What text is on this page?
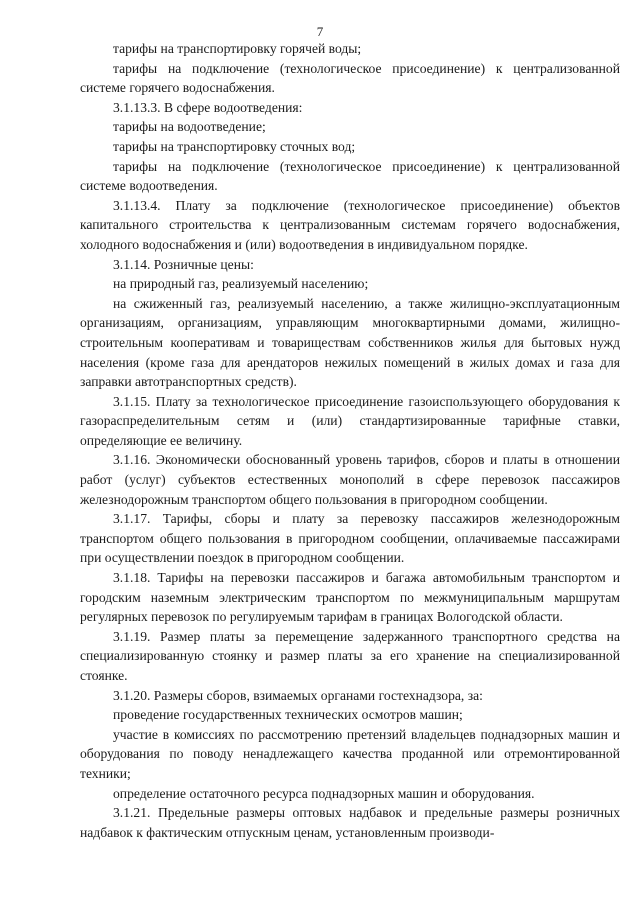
7

тарифы на транспортировку горячей воды;

тарифы на подключение (технологическое присоединение) к централизованной системе горячего водоснабжения.

3.1.13.3. В сфере водоотведения:

тарифы на водоотведение;

тарифы на транспортировку сточных вод;

тарифы на подключение (технологическое присоединение) к централизованной системе водоотведения.

3.1.13.4. Плату за подключение (технологическое присоединение) объектов капитального строительства к централизованным системам горячего водоснабжения, холодного водоснабжения и (или) водоотведения в индивидуальном порядке.

3.1.14. Розничные цены:

на природный газ, реализуемый населению;

на сжиженный газ, реализуемый населению, а также жилищно-эксплуатационным организациям, организациям, управляющим многоквартирными домами, жилищно-строительным кооперативам и товариществам собственников жилья для бытовых нужд населения (кроме газа для арендаторов нежилых помещений в жилых домах и газа для заправки автотранспортных средств).

3.1.15. Плату за технологическое присоединение газоиспользующего оборудования к газораспределительным сетям и (или) стандартизированные тарифные ставки, определяющие ее величину.

3.1.16. Экономически обоснованный уровень тарифов, сборов и платы в отношении работ (услуг) субъектов естественных монополий в сфере перевозок пассажиров железнодорожным транспортом общего пользования в пригородном сообщении.

3.1.17. Тарифы, сборы и плату за перевозку пассажиров железнодорожным транспортом общего пользования в пригородном сообщении, оплачиваемые пассажирами при осуществлении поездок в пригородном сообщении.

3.1.18. Тарифы на перевозки пассажиров и багажа автомобильным транспортом и городским наземным электрическим транспортом по межмуниципальным маршрутам регулярных перевозок по регулируемым тарифам в границах Вологодской области.

3.1.19. Размер платы за перемещение задержанного транспортного средства на специализированную стоянку и размер платы за его хранение на специализированной стоянке.

3.1.20. Размеры сборов, взимаемых органами гостехнадзора, за:

проведение государственных технических осмотров машин;

участие в комиссиях по рассмотрению претензий владельцев поднадзорных машин и оборудования по поводу ненадлежащего качества проданной или отремонтированной техники;

определение остаточного ресурса поднадзорных машин и оборудования.

3.1.21. Предельные размеры оптовых надбавок и предельные размеры розничных надбавок к фактическим отпускным ценам, установленным производи-
